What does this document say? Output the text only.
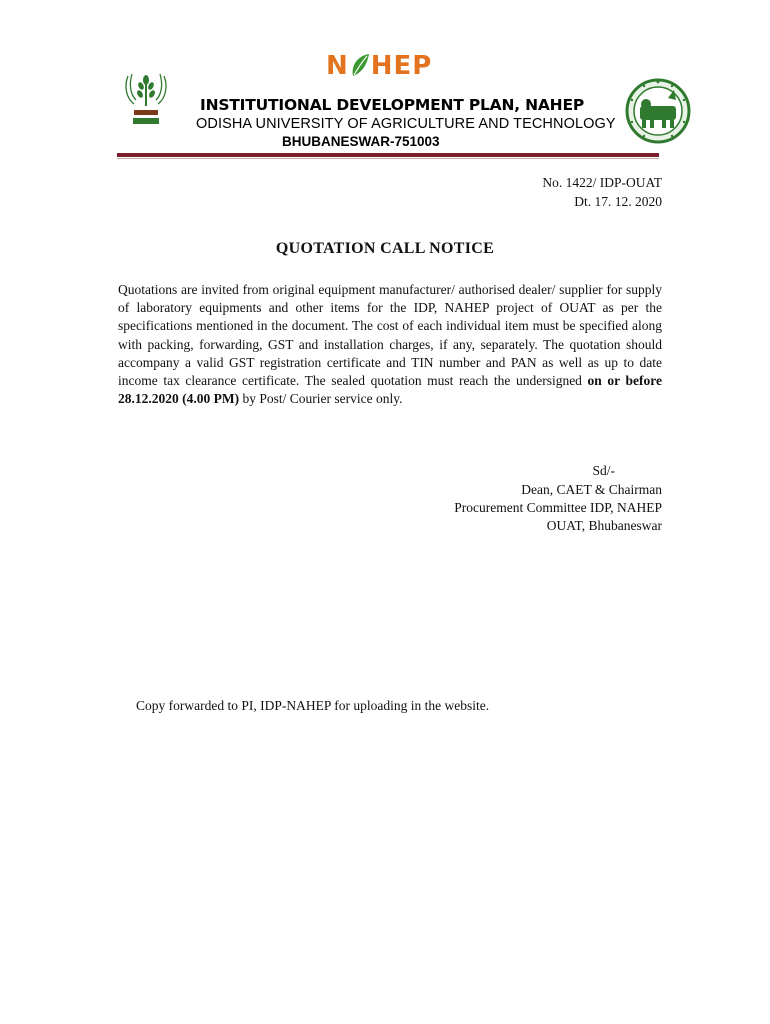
N HEP
INSTITUTIONAL DEVELOPMENT PLAN, NAHEP
ODISHA UNIVERSITY OF AGRICULTURE AND TECHNOLOGY
BHUBANESWAR-751003
No. 1422/ IDP-OUAT
Dt. 17. 12. 2020
QUOTATION CALL NOTICE
Quotations are invited from original equipment manufacturer/ authorised dealer/ supplier for supply of laboratory equipments and other items for the IDP, NAHEP project of OUAT as per the specifications mentioned in the document. The cost of each individual item must be specified along with packing, forwarding, GST and installation charges, if any, separately. The quotation should accompany a valid GST registration certificate and TIN number and PAN as well as up to date income tax clearance certificate. The sealed quotation must reach the undersigned on or before 28.12.2020 (4.00 PM) by Post/ Courier service only.
Sd/-
Dean, CAET & Chairman
Procurement Committee IDP, NAHEP
OUAT, Bhubaneswar
Copy forwarded to PI, IDP-NAHEP for uploading in the website.
